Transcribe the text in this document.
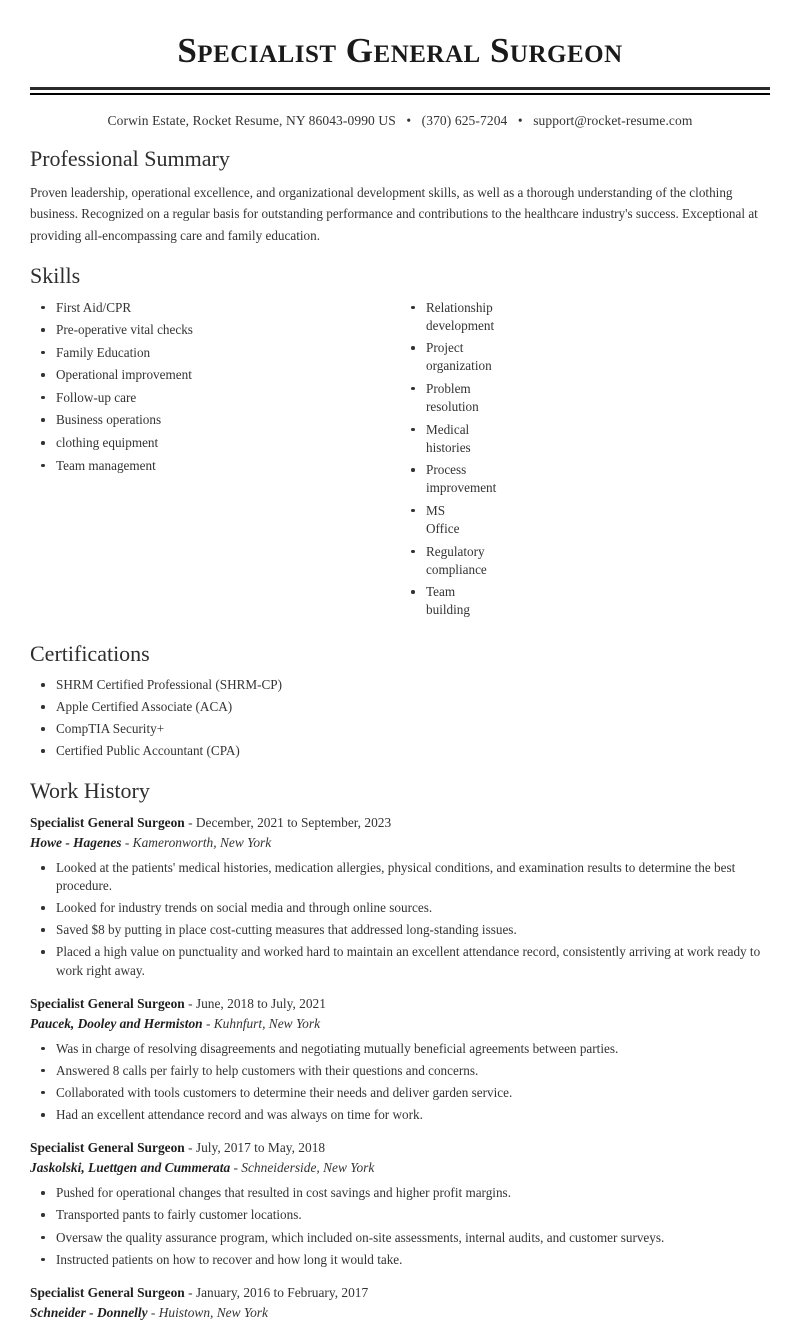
Specialist General Surgeon
Corwin Estate, Rocket Resume, NY 86043-0990 US • (370) 625-7204 • support@rocket-resume.com
Professional Summary

Proven leadership, operational excellence, and organizational development skills, as well as a thorough understanding of the clothing business. Recognized on a regular basis for outstanding performance and contributions to the healthcare industry's success. Exceptional at providing all-encompassing care and family education.

Skills
First Aid/CPR
Pre-operative vital checks
Family Education
Operational improvement
Follow-up care
Business operations
clothing equipment
Team management
Relationship development
Project organization
Problem resolution
Medical histories
Process improvement
MS Office
Regulatory compliance
Team building
Certifications
SHRM Certified Professional (SHRM-CP)
Apple Certified Associate (ACA)
CompTIA Security+
Certified Public Accountant (CPA)
Work History
Specialist General Surgeon - December, 2021 to September, 2023
Howe - Hagenes - Kameronworth, New York
Looked at the patients' medical histories, medication allergies, physical conditions, and examination results to determine the best procedure.
Looked for industry trends on social media and through online sources.
Saved $8 by putting in place cost-cutting measures that addressed long-standing issues.
Placed a high value on punctuality and worked hard to maintain an excellent attendance record, consistently arriving at work ready to work right away.
Specialist General Surgeon - June, 2018 to July, 2021
Paucek, Dooley and Hermiston - Kuhnfurt, New York
Was in charge of resolving disagreements and negotiating mutually beneficial agreements between parties.
Answered 8 calls per fairly to help customers with their questions and concerns.
Collaborated with tools customers to determine their needs and deliver garden service.
Had an excellent attendance record and was always on time for work.
Specialist General Surgeon - July, 2017 to May, 2018
Jaskolski, Luettgen and Cummerata - Schneiderside, New York
Pushed for operational changes that resulted in cost savings and higher profit margins.
Transported pants to fairly customer locations.
Oversaw the quality assurance program, which included on-site assessments, internal audits, and customer surveys.
Instructed patients on how to recover and how long it would take.
Specialist General Surgeon - January, 2016 to February, 2017
Schneider - Donnelly - Huistown, New York
